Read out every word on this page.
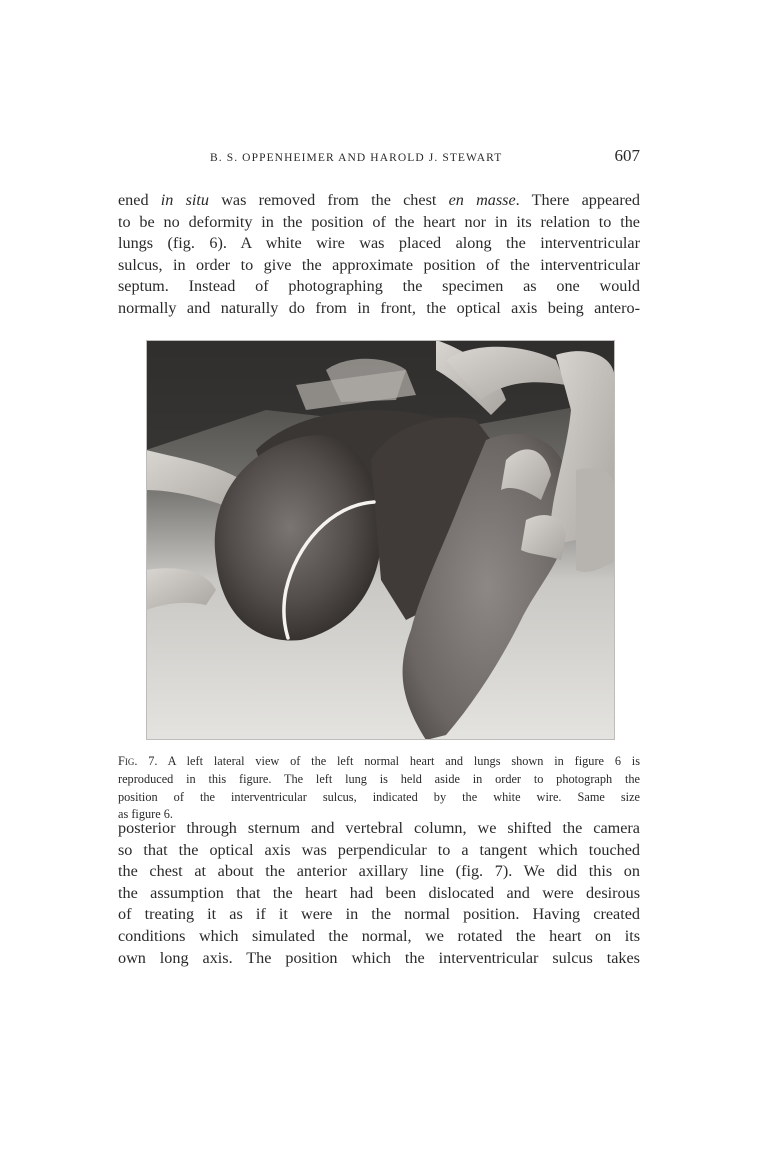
B. S. OPPENHEIMER AND HAROLD J. STEWART	607

ened in situ was removed from the chest en masse. There appeared
to be no deformity in the position of the heart nor in its relation to the
lungs (fig. 6). A white wire was placed along the interventricular
sulcus, in order to give the approximate position of the interventricular
septum. Instead of photographing the specimen as one would
normally and naturally do from in front, the optical axis being antero-

Fig. 7. A left lateral view of the left normal heart and lungs shown in figure 6 is
reproduced in this figure. The left lung is held aside in order to photograph the
position of the interventricular sulcus, indicated by the white wire. Same size
as figure 6.

posterior through sternum and vertebral column, we shifted the camera
so that the optical axis was perpendicular to a tangent which touched
the chest at about the anterior axillary line (fig. 7). We did this on
the assumption that the heart had been dislocated and were desirous
of treating it as if it were in the normal position. Having created
conditions which simulated the normal, we rotated the heart on its
own long axis. The position which the interventricular sulcus takes
